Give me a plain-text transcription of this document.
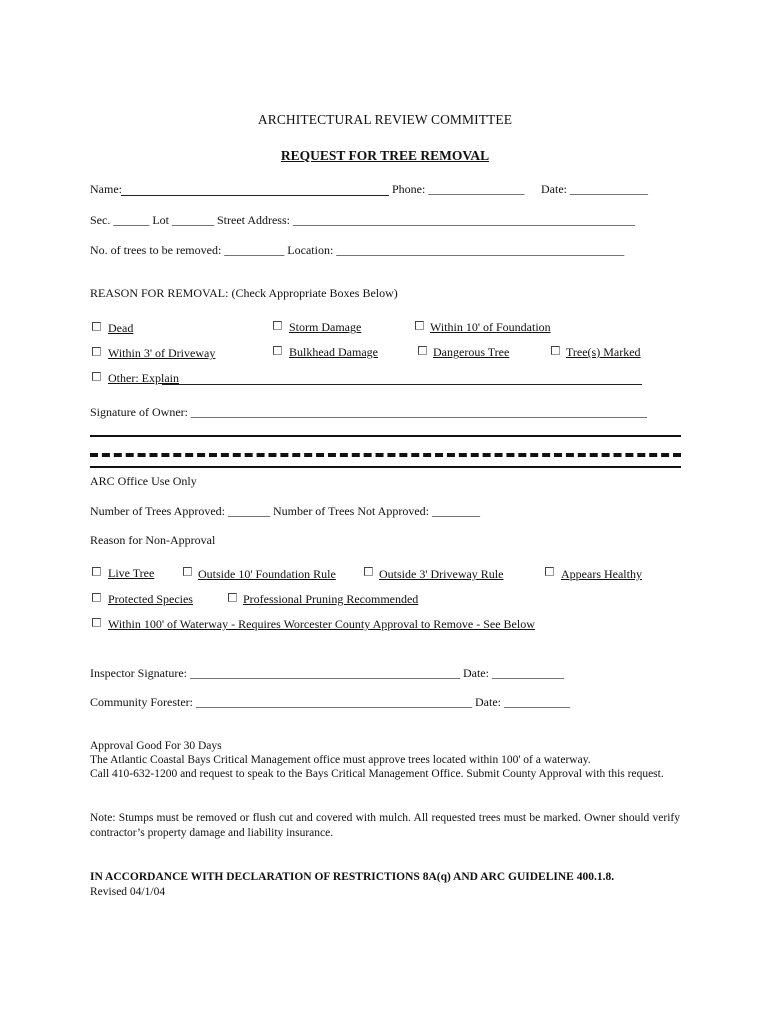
ARCHITECTURAL REVIEW COMMITTEE
REQUEST FOR TREE REMOVAL
Name:	Phone: ________________ Date: _____________
Sec. ______ Lot _______ Street Address: _________________________________________________________
No. of trees to be removed: __________ Location: ________________________________________________
REASON FOR REMOVAL: (Check Appropriate Boxes Below)
Dead	Storm Damage	Within 10' of Foundation
Within 3' of Driveway	Bulkhead Damage	Dangerous Tree	Tree(s) Marked
Other: Explain
Signature of Owner: ____________________________________________________________________________
ARC Office Use Only
Number of Trees Approved: _______ Number of Trees Not Approved: ________
Reason for Non-Approval
Live Tree	Outside 10' Foundation Rule	Outside 3' Driveway Rule	Appears Healthy
Protected Species	Professional Pruning Recommended
Within 100' of Waterway - Requires Worcester County Approval to Remove - See Below
Inspector Signature: _____________________________________________ Date: ____________
Community Forester: ______________________________________________ Date: ___________
Approval Good For 30 Days
The Atlantic Coastal Bays Critical Management office must approve trees located within 100' of a waterway.
Call 410-632-1200 and request to speak to the Bays Critical Management Office. Submit County Approval with this request.
Note: Stumps must be removed or flush cut and covered with mulch. All requested trees must be marked. Owner should verify contractor’s property damage and liability insurance.
IN ACCORDANCE WITH DECLARATION OF RESTRICTIONS 8A(q) AND ARC GUIDELINE 400.1.8.
Revised 04/1/04
